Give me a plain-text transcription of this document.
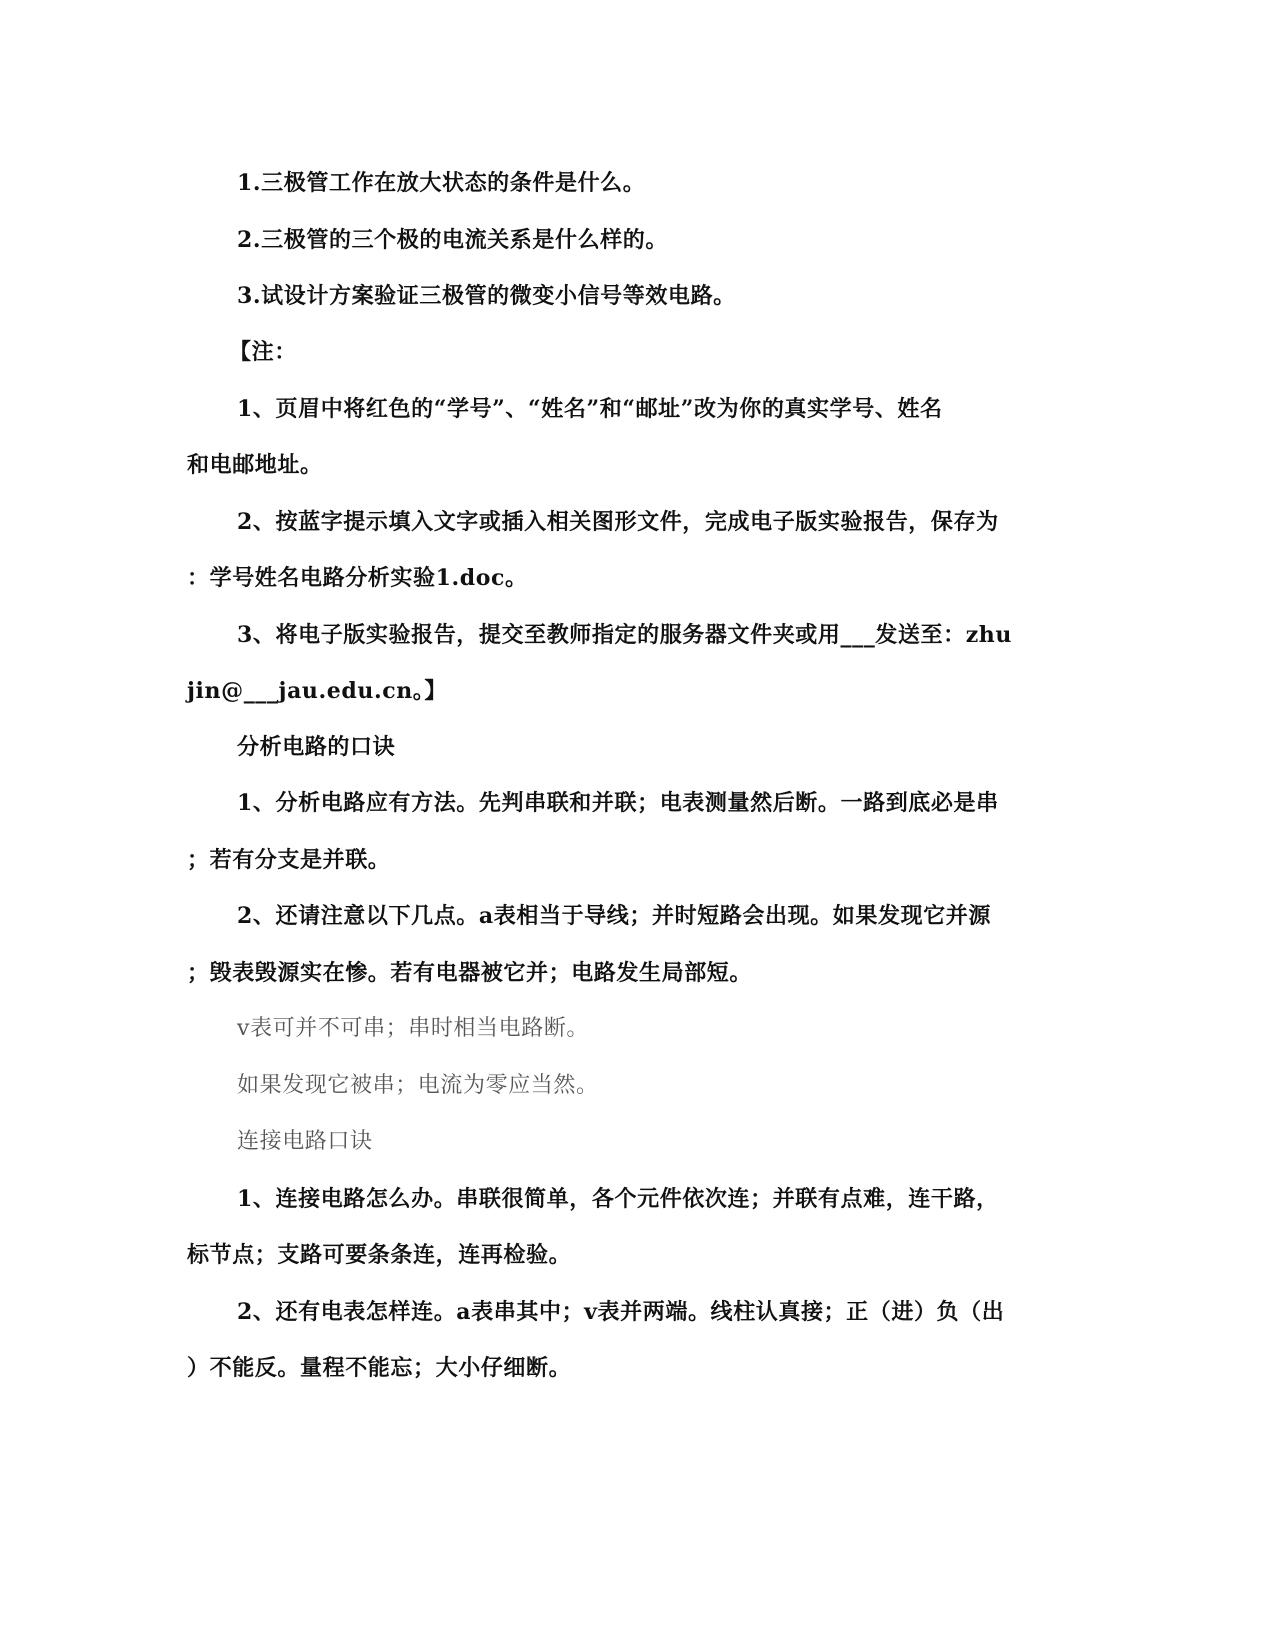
1.三极管工作在放大状态的条件是什么。
2.三极管的三个极的电流关系是什么样的。
3.试设计方案验证三极管的微变小信号等效电路。
【注：
1、页眉中将红色的“学号”、“姓名”和“邮址”改为你的真实学号、姓名
和电邮地址。
2、按蓝字提示填入文字或插入相关图形文件，完成电子版实验报告，保存为
：学号姓名电路分析实验1.doc。
3、将电子版实验报告，提交至教师指定的服务器文件夹或用___发送至：zhu
jin@___jau.edu.cn。】
分析电路的口诀
1、分析电路应有方法。先判串联和并联；电表测量然后断。一路到底必是串
；若有分支是并联。
2、还请注意以下几点。a表相当于导线；并时短路会出现。如果发现它并源
；毁表毁源实在惨。若有电器被它并；电路发生局部短。
v表可并不可串；串时相当电路断。
如果发现它被串；电流为零应当然。
连接电路口诀
1、连接电路怎么办。串联很简单，各个元件依次连；并联有点难，连干路，
标节点；支路可要条条连，连再检验。
2、还有电表怎样连。a表串其中；v表并两端。线柱认真接；正（进）负（出
）不能反。量程不能忘；大小仔细断。
